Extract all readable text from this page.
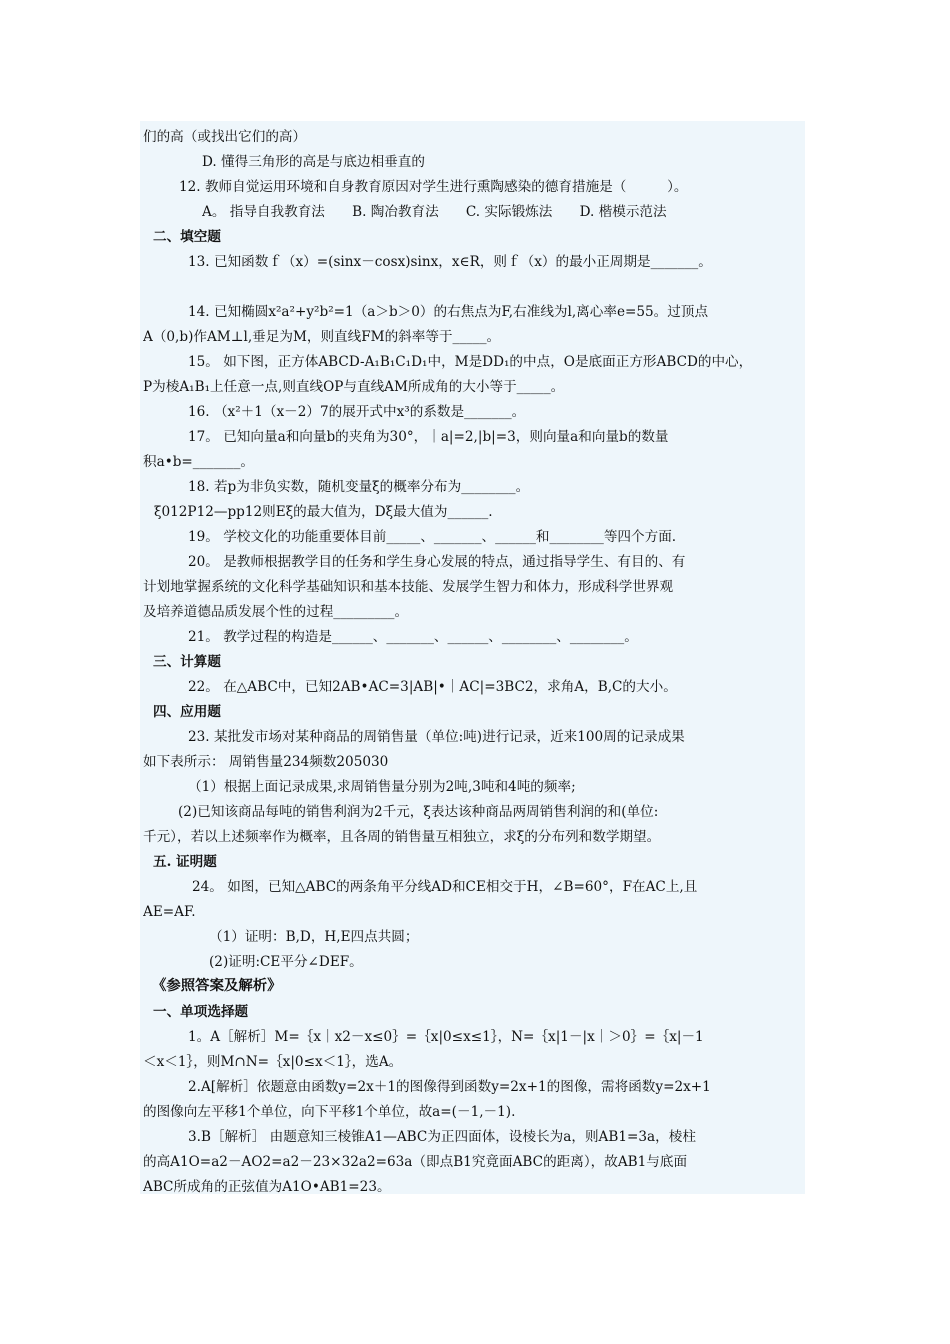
们的高（或找出它们的高）
D. 懂得三角形的高是与底边相垂直的
12. 教师自觉运用环境和自身教育原因对学生进行熏陶感染的德育措施是（　　　）。
A。 指导自我教育法　　B. 陶冶教育法　　C. 实际锻炼法　　D. 楷模示范法
二、填空题
13. 已知函数ｆ（x）=(sinx－cosx)sinx，x∈R，则ｆ（x）的最小正周期是_______。
14. 已知椭圆x²a²+y²b²=1（a＞b＞0）的右焦点为F,右准线为l,离心率e=55。过顶点
A（0,b)作AM⊥l,垂足为M，则直线FM的斜率等于_____。
15。 如下图，正方体ABCD-A₁B₁C₁D₁中，M是DD₁的中点，O是底面正方形ABCD的中心，
P为棱A₁B₁上任意一点,则直线OP与直线AM所成角的大小等于_____。
16. （x²＋1（x－2）7的展开式中x³的系数是_______。
17。 已知向量a和向量b的夹角为30°，｜a|=2,|b|=3，则向量a和向量b的数量
积a•b=_______。
18. 若p为非负实数，随机变量ξ的概率分布为________。
ξ012P12—pp12则Eξ的最大值为，Dξ最大值为______.
19。 学校文化的功能重要体目前_____、_______、______和________等四个方面.
20。 是教师根据教学目的任务和学生身心发展的特点，通过指导学生、有目的、有
计划地掌握系统的文化科学基础知识和基本技能、发展学生智力和体力，形成科学世界观
及培养道德品质发展个性的过程_________。
21。 教学过程的构造是______、_______、______、________、________。
三、计算题
22。 在△ABC中，已知2AB•AC=3|AB|•｜AC|=3BC2，求角A，B,C的大小。
四、应用题
23. 某批发市场对某种商品的周销售量（单位:吨)进行记录，近来100周的记录成果
如下表所示： 周销售量234频数205030
（1）根据上面记录成果,求周销售量分别为2吨,3吨和4吨的频率;
(2)已知该商品每吨的销售利润为2千元，ξ表达该种商品两周销售利润的和(单位:
千元），若以上述频率作为概率，且各周的销售量互相独立，求ξ的分布列和数学期望。
五. 证明题
24。 如图，已知△ABC的两条角平分线AD和CE相交于H，∠B=60°，F在AC上,且
AE=AF.
（1）证明：B,D，H,E四点共圆；
(2)证明:CE平分∠DEF。
《参照答案及解析》
一、单项选择题
1。A［解析］M=｛x｜x2－x≤0｝=｛x|0≤x≤1｝，N=｛x|1－|x｜＞0｝=｛x|－1
＜x＜1｝，则M∩N=｛x|0≤x＜1｝，选A。
2.A[解析］依题意由函数y=2x＋1的图像得到函数y=2x+1的图像，需将函数y=2x+1
的图像向左平移1个单位，向下平移1个单位，故a=(－1,－1).
3.B［解析］ 由题意知三棱锥A1—ABC为正四面体，设棱长为a，则AB1=3a，棱柱
的高A1O=a2－AO2=a2－23×32a2=63a（即点B1究竟面ABC的距离），故AB1与底面
ABC所成角的正弦值为A1O•AB1=23。
